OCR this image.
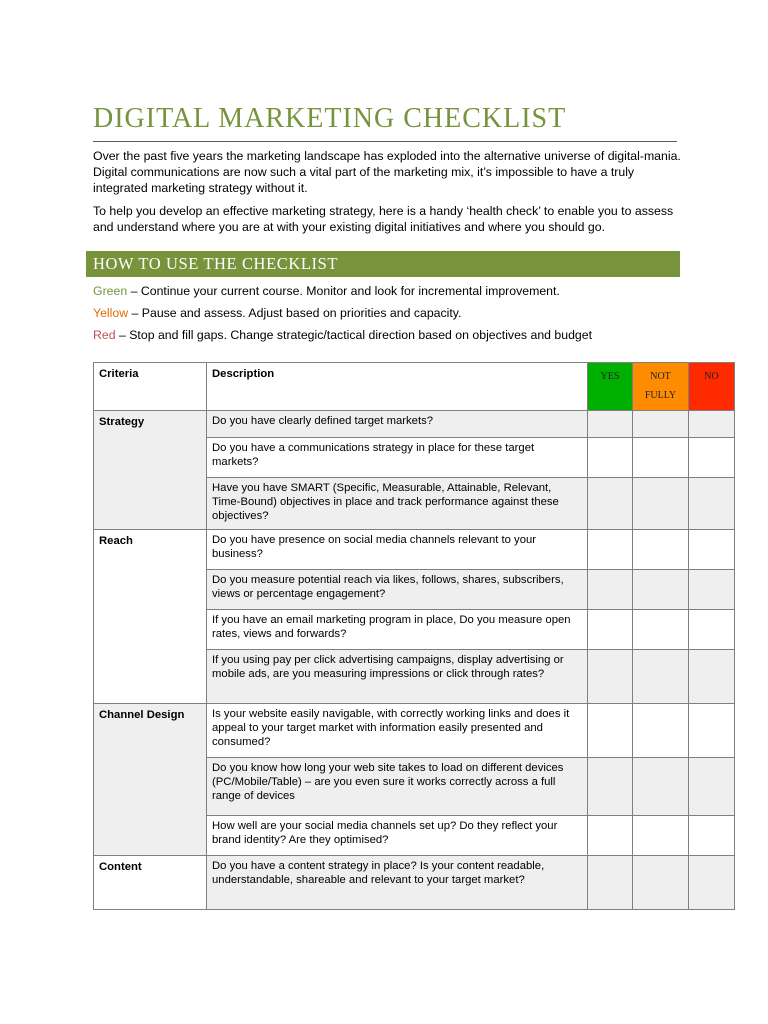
DIGITAL MARKETING CHECKLIST

Over the past five years the marketing landscape has exploded into the alternative universe of digital-mania. Digital communications are now such a vital part of the marketing mix, it’s impossible to have a truly integrated marketing strategy without it.

To help you develop an effective marketing strategy, here is a handy ‘health check’ to enable you to assess and understand where you are at with your existing digital initiatives and where you should go.

HOW TO USE THE CHECKLIST
Green – Continue your current course. Monitor and look for incremental improvement.
Yellow – Pause and assess. Adjust based on priorities and capacity.
Red – Stop and fill gaps. Change strategic/tactical direction based on objectives and budget
Criteria	Description	YES	NOT FULLY	NO
Strategy	Do you have clearly defined target markets?			
	Do you have a communications strategy in place for these target markets?			
	Have you have SMART (Specific, Measurable, Attainable, Relevant, Time-Bound) objectives in place and track performance against these objectives?			
Reach	Do you have presence on social media channels relevant to your business?			
	Do you measure potential reach via likes, follows, shares, subscribers, views or percentage engagement?			
	If you have an email marketing program in place, Do you measure open rates, views and forwards?			
	If you using pay per click advertising campaigns, display advertising or mobile ads, are you measuring impressions or click through rates?			
Channel Design	Is your website easily navigable, with correctly working links and does it appeal to your target market with information easily presented and consumed?			
	Do you know how long your web site takes to load on different devices (PC/Mobile/Table) – are you even sure it works correctly across a full range of devices			
	How well are your social media channels set up? Do they reflect your brand identity? Are they optimised?			
Content	Do you have a content strategy in place? Is your content readable, understandable, shareable and relevant to your target market?			
